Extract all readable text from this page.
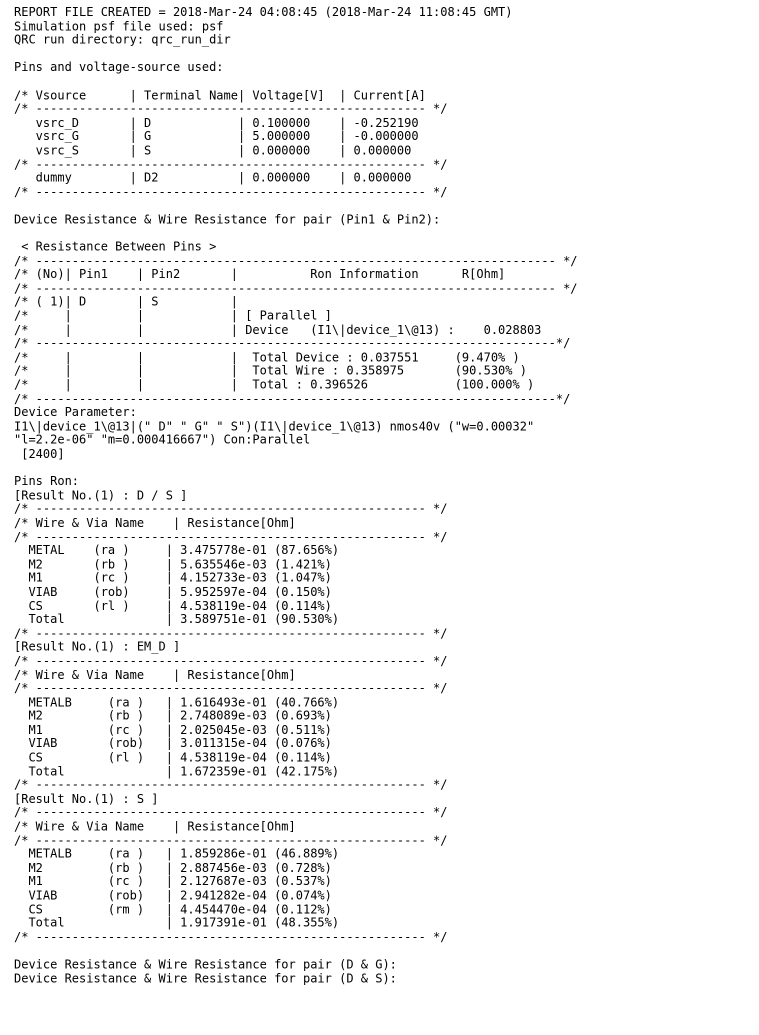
REPORT FILE CREATED = 2018-Mar-24 04:08:45 (2018-Mar-24 11:08:45 GMT)
Simulation psf file used: psf
QRC run directory: qrc_run_dir
Pins and voltage-source used:
/* Vsource      | Terminal Name| Voltage[V]  | Current[A]
/* ------------------------------------------------------ */
vsrc_D       | D            | 0.100000    | -0.252190
vsrc_G       | G            | 5.000000    | -0.000000
vsrc_S       | S            | 0.000000    | 0.000000
/* ------------------------------------------------------ */
dummy        | D2           | 0.000000    | 0.000000
/* ------------------------------------------------------ */
Device Resistance & Wire Resistance for pair (Pin1 & Pin2):
< Resistance Between Pins >
/* ------------------------------------------------------------------------ */
/* (No)| Pin1    | Pin2       |          Ron Information      R[Ohm]
/* ------------------------------------------------------------------------ */
/* ( 1)| D       | S          |
/*     |         |            | [ Parallel ]
/*     |         |            | Device   (I1\|device_1\@13) :    0.028803
/* ------------------------------------------------------------------------*/
/*     |         |            |  Total Device : 0.037551     (9.470% )
/*     |         |            |  Total Wire : 0.358975       (90.530% )
/*     |         |            |  Total : 0.396526            (100.000% )
/* ------------------------------------------------------------------------*/
Device Parameter:
I1\|device_1\@13|(" D" " G" " S")(I1\|device_1\@13) nmos40v ("w=0.00032"
"l=2.2e-06" "m=0.000416667") Con:Parallel
[2400]
Pins Ron:
[Result No.(1) : D / S ]
/* ------------------------------------------------------ */
/* Wire & Via Name    | Resistance[Ohm]
/* ------------------------------------------------------ */
METAL    (ra )     | 3.475778e-01 (87.656%)
M2       (rb )     | 5.635546e-03 (1.421%)
M1       (rc )     | 4.152733e-03 (1.047%)
VIAB     (rob)     | 5.952597e-04 (0.150%)
CS       (rl )     | 4.538119e-04 (0.114%)
Total              | 3.589751e-01 (90.530%)
/* ------------------------------------------------------ */
[Result No.(1) : EM_D ]
/* ------------------------------------------------------ */
/* Wire & Via Name    | Resistance[Ohm]
/* ------------------------------------------------------ */
METALB     (ra )   | 1.616493e-01 (40.766%)
M2         (rb )   | 2.748089e-03 (0.693%)
M1         (rc )   | 2.025045e-03 (0.511%)
VIAB       (rob)   | 3.011315e-04 (0.076%)
CS         (rl )   | 4.538119e-04 (0.114%)
Total              | 1.672359e-01 (42.175%)
/* ------------------------------------------------------ */
[Result No.(1) : S ]
/* ------------------------------------------------------ */
/* Wire & Via Name    | Resistance[Ohm]
/* ------------------------------------------------------ */
METALB     (ra )   | 1.859286e-01 (46.889%)
M2         (rb )   | 2.887456e-03 (0.728%)
M1         (rc )   | 2.127687e-03 (0.537%)
VIAB       (rob)   | 2.941282e-04 (0.074%)
CS         (rm )   | 4.454470e-04 (0.112%)
Total              | 1.917391e-01 (48.355%)
/* ------------------------------------------------------ */
Device Resistance & Wire Resistance for pair (D & G):
Device Resistance & Wire Resistance for pair (D & S):
